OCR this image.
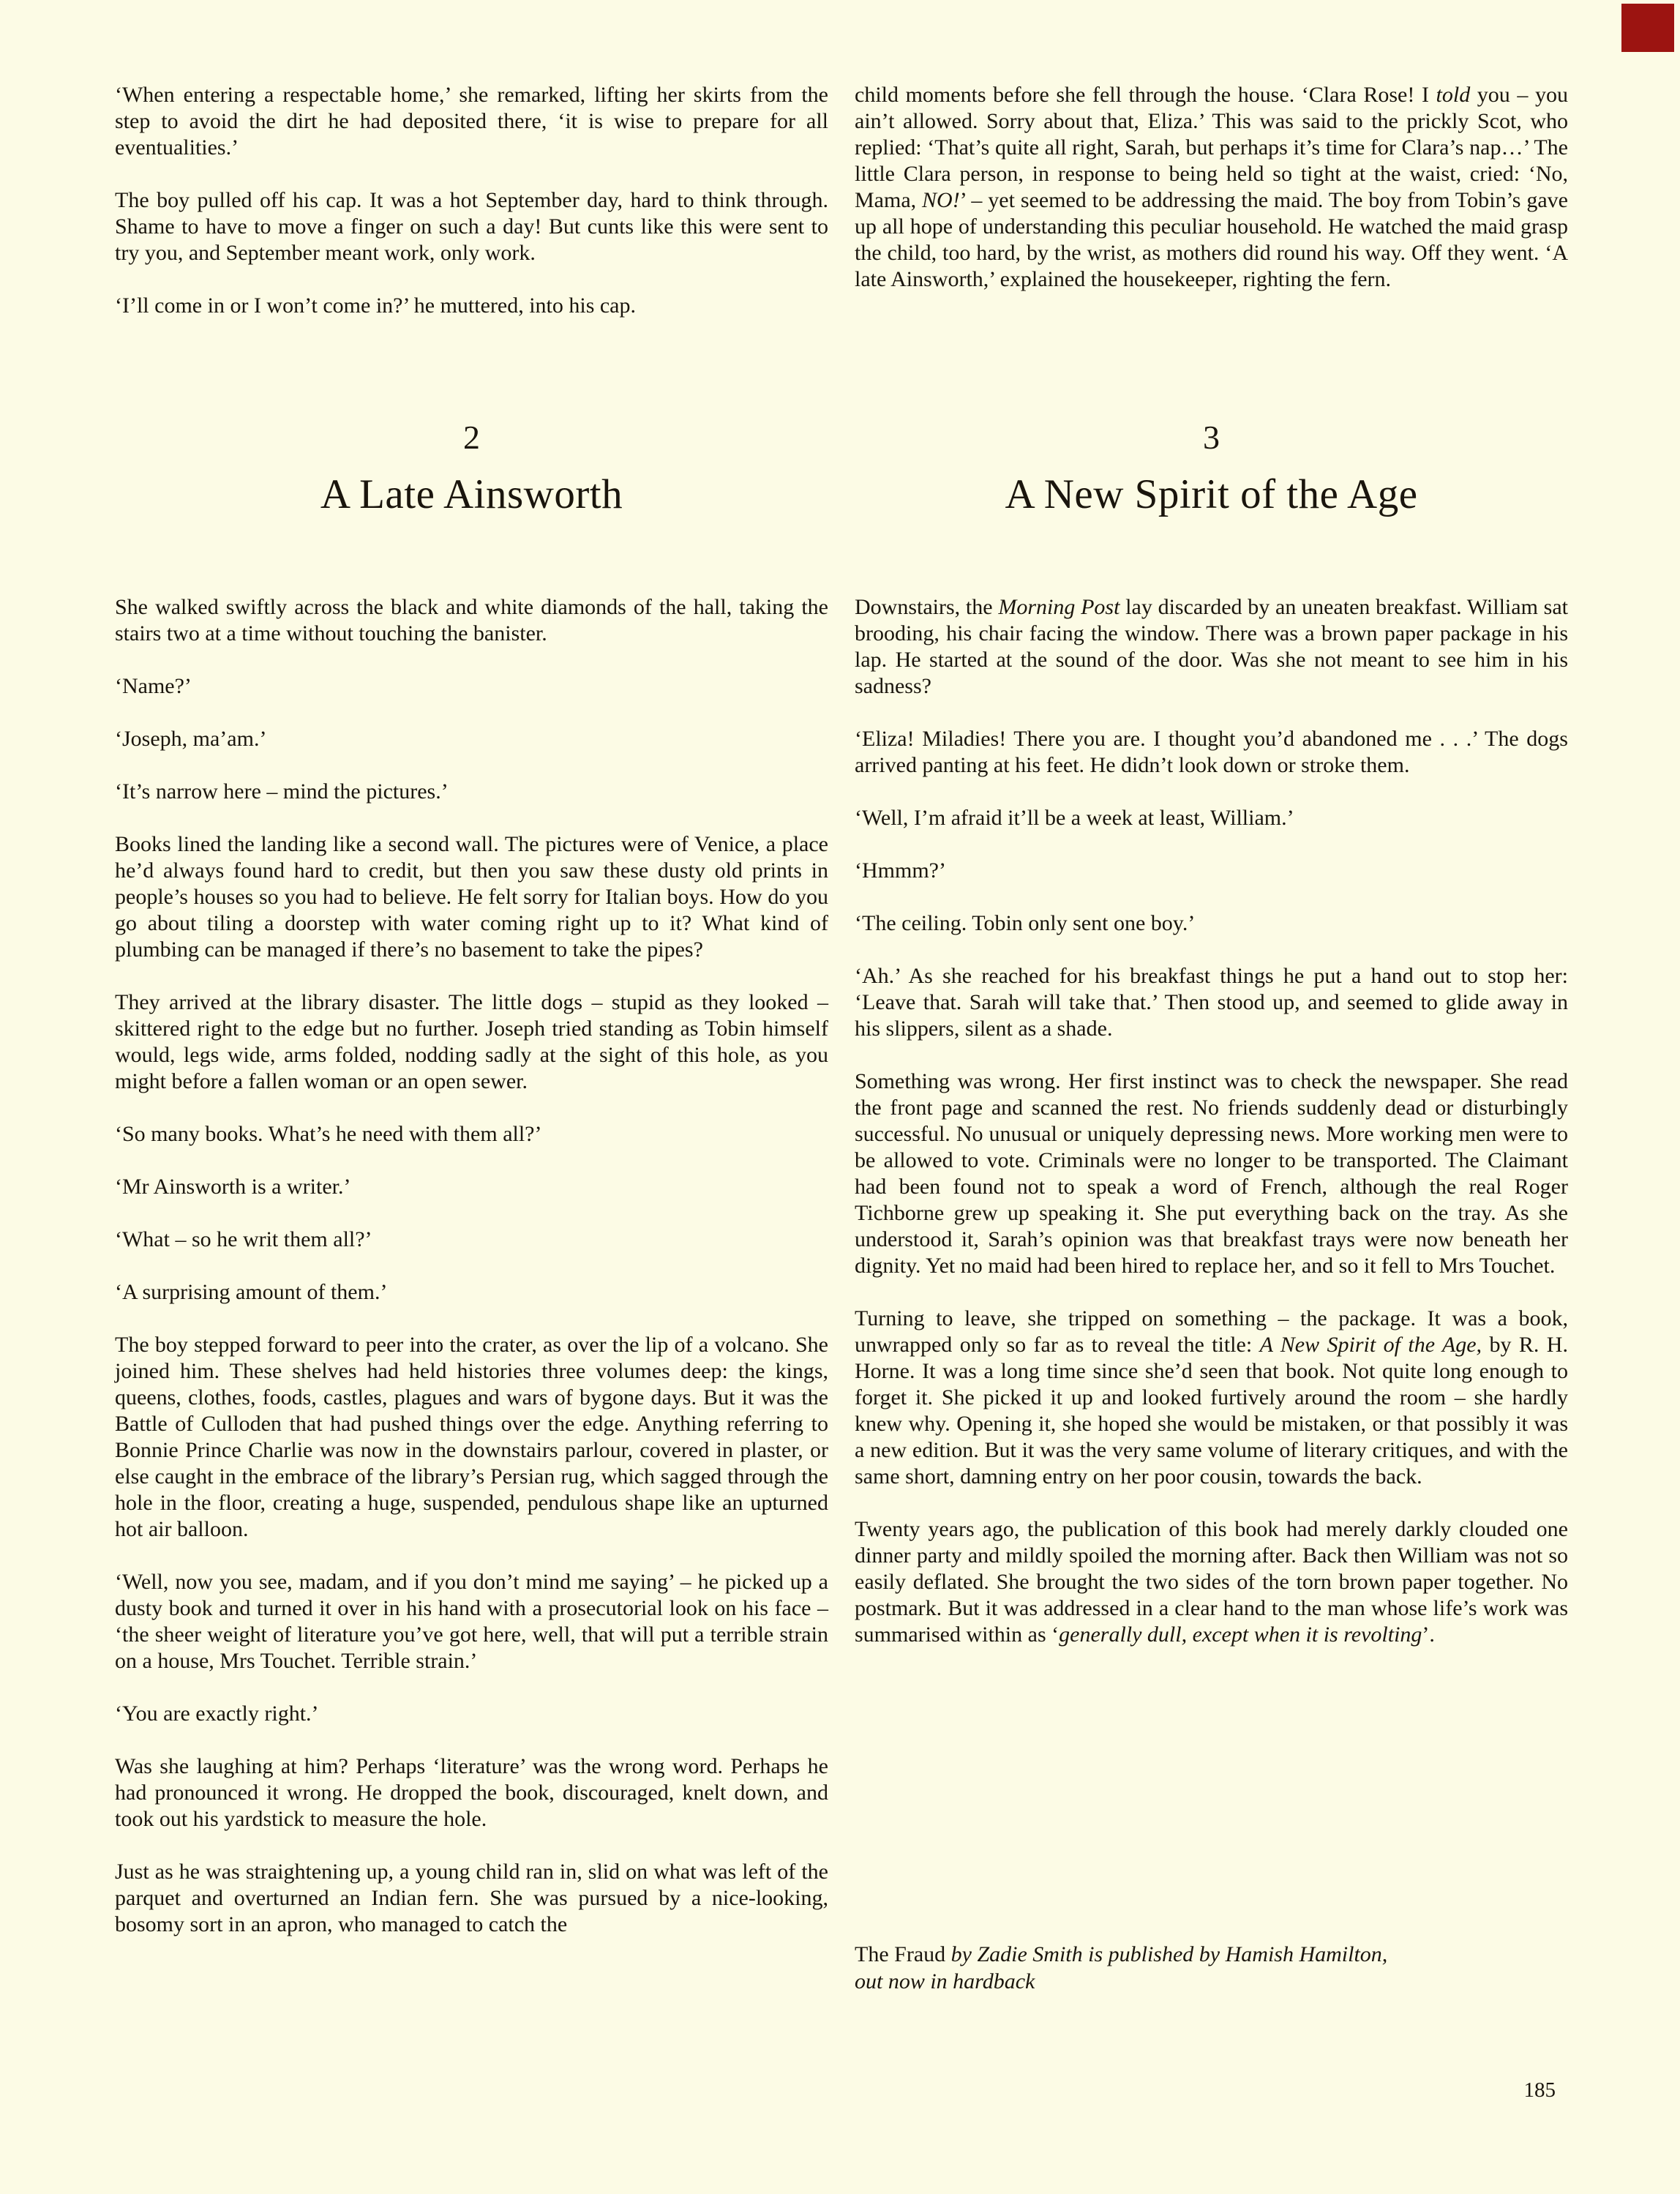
‘When entering a respectable home,’ she remarked, lifting her skirts from the step to avoid the dirt he had deposited there, ‘it is wise to prepare for all eventualities.’

The boy pulled off his cap. It was a hot September day, hard to think through. Shame to have to move a finger on such a day! But cunts like this were sent to try you, and September meant work, only work.

‘I’ll come in or I won’t come in?’ he muttered, into his cap.

child moments before she fell through the house. ‘Clara Rose! I told you – you ain’t allowed. Sorry about that, Eliza.’ This was said to the prickly Scot, who replied: ‘That’s quite all right, Sarah, but perhaps it’s time for Clara’s nap…’ The little Clara person, in response to being held so tight at the waist, cried: ‘No, Mama, NO!’ – yet seemed to be addressing the maid. The boy from Tobin’s gave up all hope of understanding this peculiar household. He watched the maid grasp the child, too hard, by the wrist, as mothers did round his way. Off they went. ‘A late Ainsworth,’ explained the housekeeper, righting the fern.

2
A Late Ainsworth
3
A New Spirit of the Age

She walked swiftly across the black and white diamonds of the hall, taking the stairs two at a time without touching the banister.

‘Name?’

‘Joseph, ma’am.’

‘It’s narrow here – mind the pictures.’

Books lined the landing like a second wall. The pictures were of Venice, a place he’d always found hard to credit, but then you saw these dusty old prints in people’s houses so you had to believe. He felt sorry for Italian boys. How do you go about tiling a doorstep with water coming right up to it? What kind of plumbing can be managed if there’s no basement to take the pipes?

They arrived at the library disaster. The little dogs – stupid as they looked – skittered right to the edge but no further. Joseph tried standing as Tobin himself would, legs wide, arms folded, nodding sadly at the sight of this hole, as you might before a fallen woman or an open sewer.

‘So many books. What’s he need with them all?’

‘Mr Ainsworth is a writer.’

‘What – so he writ them all?’

‘A surprising amount of them.’

The boy stepped forward to peer into the crater, as over the lip of a volcano. She joined him. These shelves had held histories three volumes deep: the kings, queens, clothes, foods, castles, plagues and wars of bygone days. But it was the Battle of Culloden that had pushed things over the edge. Anything referring to Bonnie Prince Charlie was now in the downstairs parlour, covered in plaster, or else caught in the embrace of the library’s Persian rug, which sagged through the hole in the floor, creating a huge, suspended, pendulous shape like an upturned hot air balloon.

‘Well, now you see, madam, and if you don’t mind me saying’ – he picked up a dusty book and turned it over in his hand with a prosecutorial look on his face – ‘the sheer weight of literature you’ve got here, well, that will put a terrible strain on a house, Mrs Touchet. Terrible strain.’

‘You are exactly right.’

Was she laughing at him? Perhaps ‘literature’ was the wrong word. Perhaps he had pronounced it wrong. He dropped the book, discouraged, knelt down, and took out his yardstick to measure the hole.

Just as he was straightening up, a young child ran in, slid on what was left of the parquet and overturned an Indian fern. She was pursued by a nice-looking, bosomy sort in an apron, who managed to catch the

Downstairs, the Morning Post lay discarded by an uneaten breakfast. William sat brooding, his chair facing the window. There was a brown paper package in his lap. He started at the sound of the door. Was she not meant to see him in his sadness?

‘Eliza! Miladies! There you are. I thought you’d abandoned me . . .’ The dogs arrived panting at his feet. He didn’t look down or stroke them.

‘Well, I’m afraid it’ll be a week at least, William.’

‘Hmmm?’

‘The ceiling. Tobin only sent one boy.’

‘Ah.’ As she reached for his breakfast things he put a hand out to stop her: ‘Leave that. Sarah will take that.’ Then stood up, and seemed to glide away in his slippers, silent as a shade.

Something was wrong. Her first instinct was to check the newspaper. She read the front page and scanned the rest. No friends suddenly dead or disturbingly successful. No unusual or uniquely depressing news. More working men were to be allowed to vote. Criminals were no longer to be transported. The Claimant had been found not to speak a word of French, although the real Roger Tichborne grew up speaking it. She put everything back on the tray. As she understood it, Sarah’s opinion was that breakfast trays were now beneath her dignity. Yet no maid had been hired to replace her, and so it fell to Mrs Touchet.

Turning to leave, she tripped on something – the package. It was a book, unwrapped only so far as to reveal the title: A New Spirit of the Age, by R. H. Horne. It was a long time since she’d seen that book. Not quite long enough to forget it. She picked it up and looked furtively around the room – she hardly knew why. Opening it, she hoped she would be mistaken, or that possibly it was a new edition. But it was the very same volume of literary critiques, and with the same short, damning entry on her poor cousin, towards the back.

Twenty years ago, the publication of this book had merely darkly clouded one dinner party and mildly spoiled the morning after. Back then William was not so easily deflated. She brought the two sides of the torn brown paper together. No postmark. But it was addressed in a clear hand to the man whose life’s work was summarised within as ‘generally dull, except when it is revolting’.

The Fraud by Zadie Smith is published by Hamish Hamilton,

out now in hardback

185
